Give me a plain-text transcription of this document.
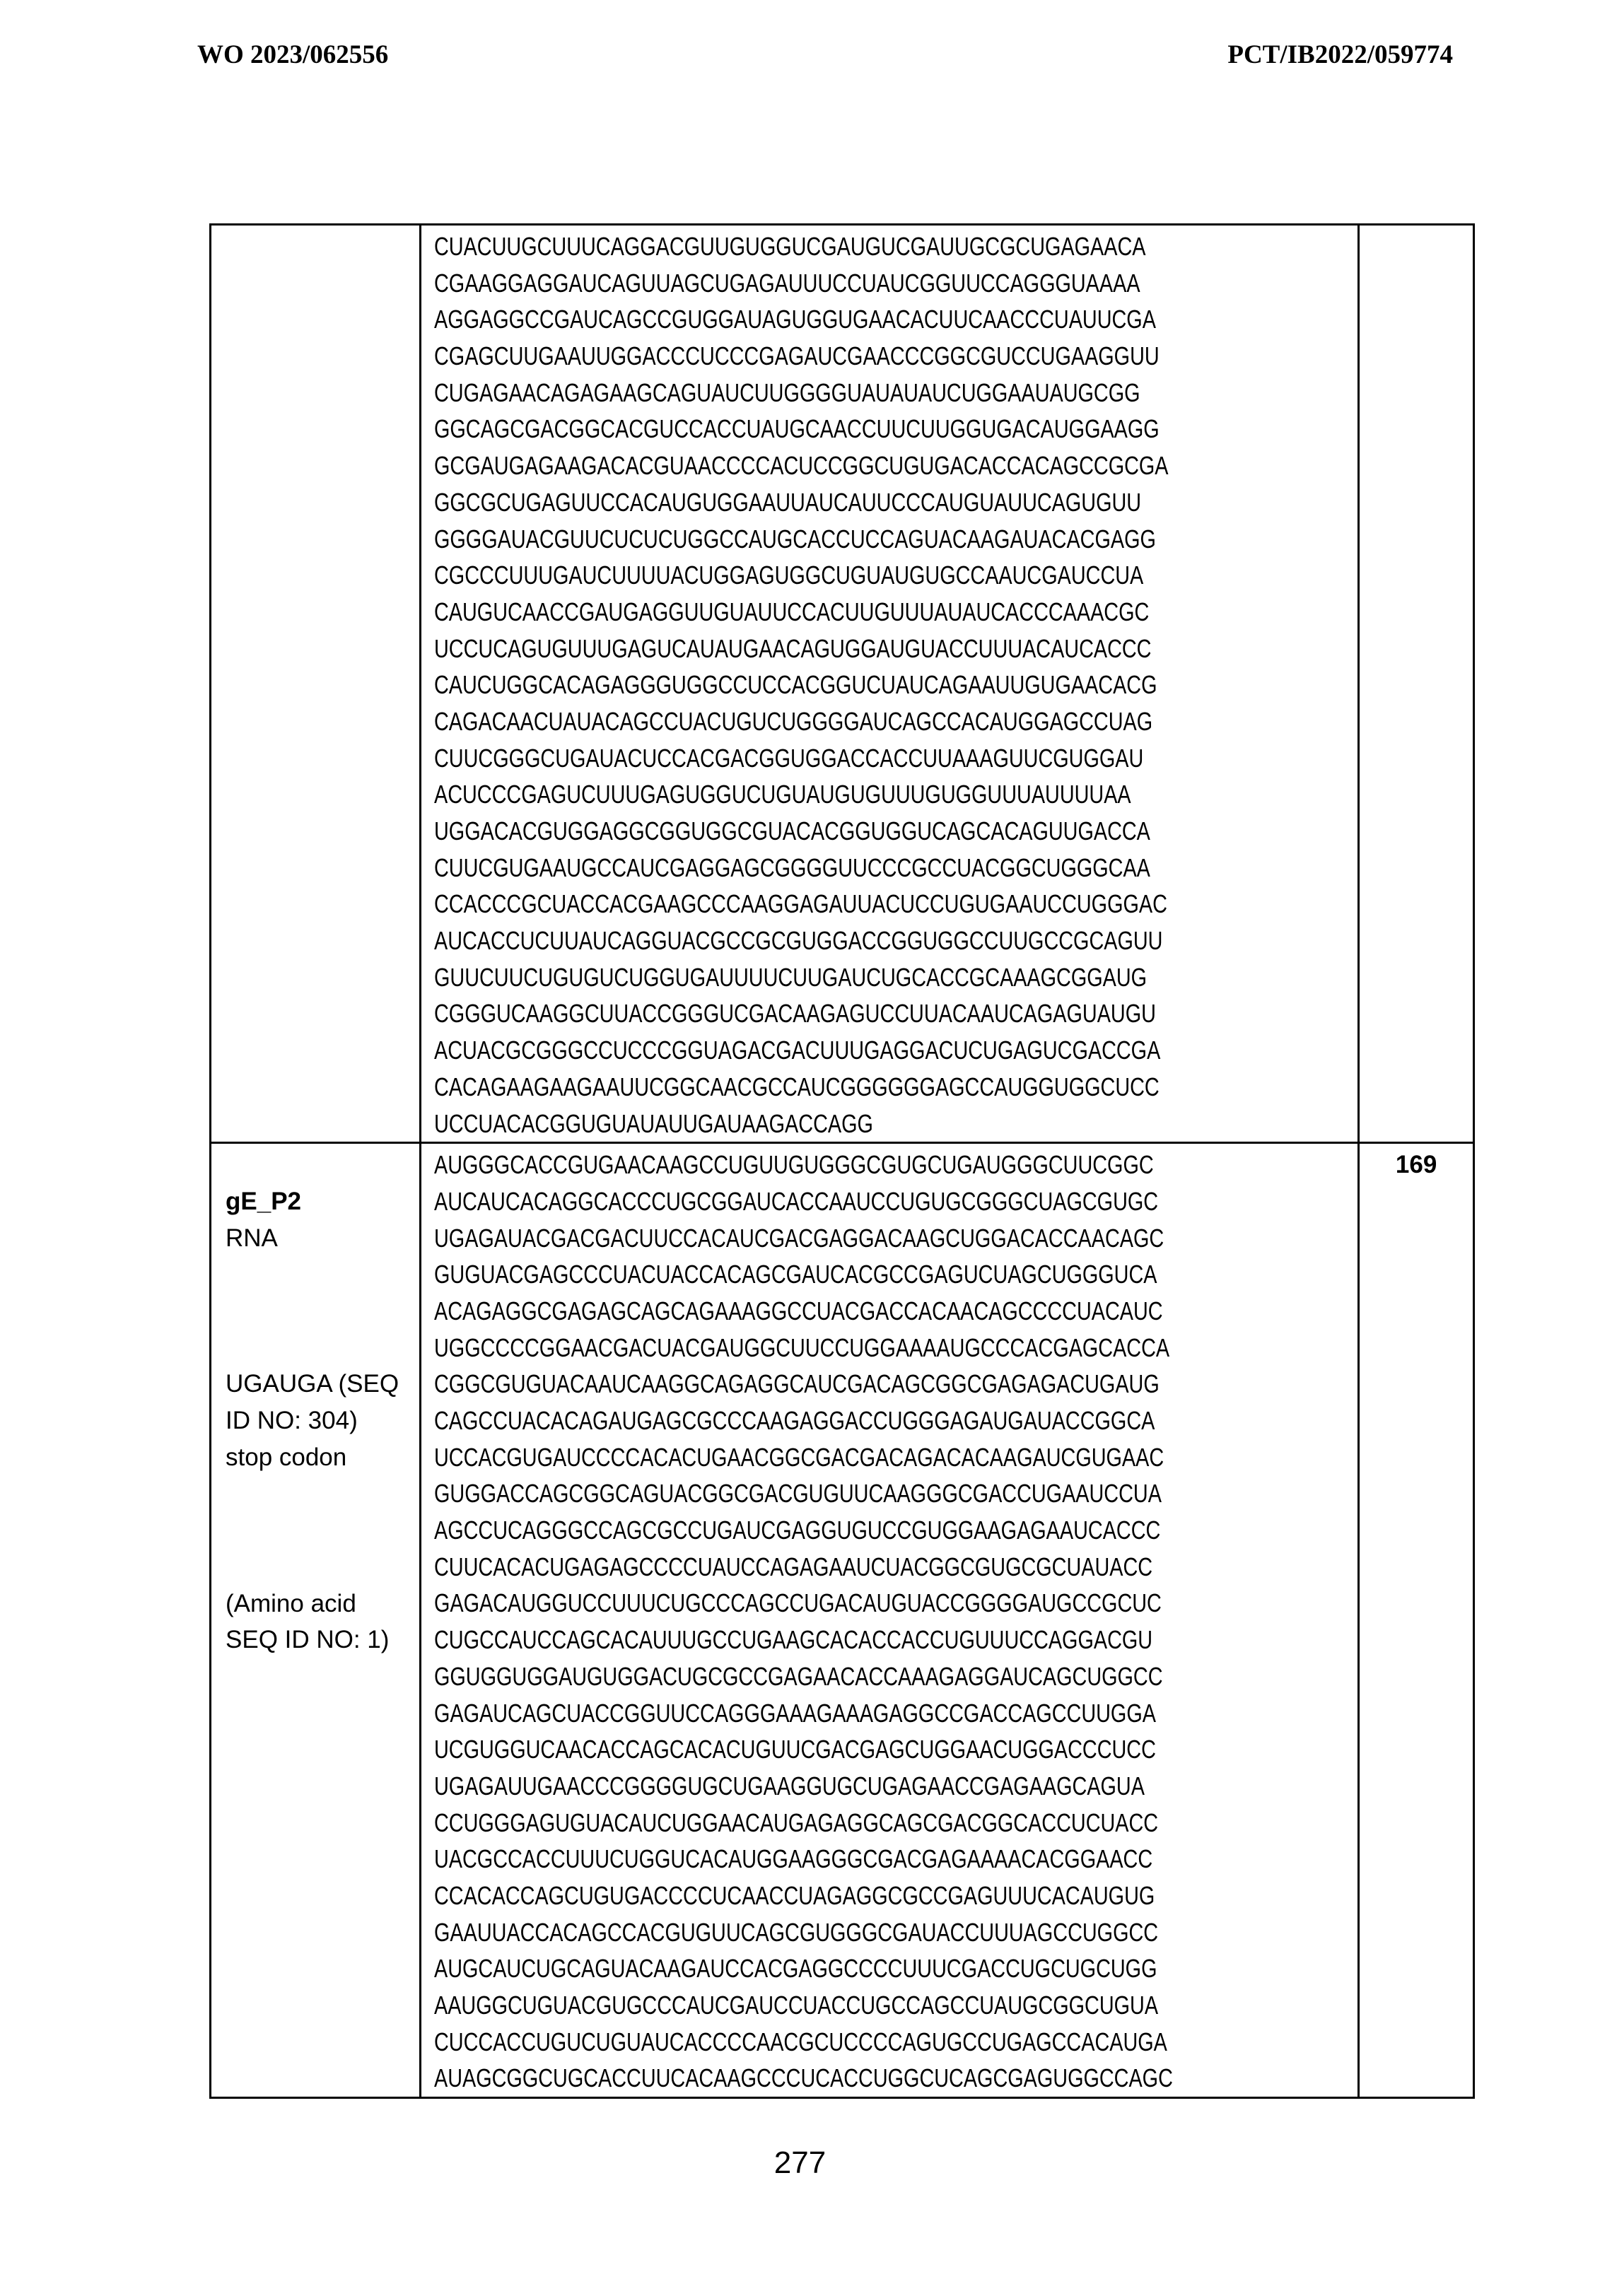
WO 2023/062556	PCT/IB2022/059774

CUACUUGCUUUCAGGACGUUGUGGUCGAUGUCGAUUGCGCUGAGAACA
CGAAGGAGGAUCAGUUAGCUGAGAUUUCCUAUCGGUUCCAGGGUAAAA
AGGAGGCCGAUCAGCCGUGGAUAGUGGUGAACACUUCAACCCUAUUCGA
CGAGCUUGAAUUGGACCCUCCCGAGAUCGAACCCGGCGUCCUGAAGGUU
CUGAGAACAGAGAAGCAGUAUCUUGGGGUAUAUAUCUGGAAUAUGCGG
GGCAGCGACGGCACGUCCACCUAUGCAACCUUCUUGGUGACAUGGAAGG
GCGAUGAGAAGACACGUAACCCCACUCCGGCUGUGACACCACAGCCGCGA
GGCGCUGAGUUCCACAUGUGGAAUUAUCAUUCCCAUGUAUUCAGUGUU
GGGGAUACGUUCUCUCUGGCCAUGCACCUCCAGUACAAGAUACACGAGG
CGCCCUUUGAUCUUUUACUGGAGUGGCUGUAUGUGCCAAUCGAUCCUA
CAUGUCAACCGAUGAGGUUGUAUUCCACUUGUUUAUAUCACCCAAACGC
UCCUCAGUGUUUGAGUCAUAUGAACAGUGGAUGUACCUUUACAUCACCC
CAUCUGGCACAGAGGGUGGCCUCCACGGUCUAUCAGAAUUGUGAACACG
CAGACAACUAUACAGCCUACUGUCUGGGGAUCAGCCACAUGGAGCCUAG
CUUCGGGCUGAUACUCCACGACGGUGGACCACCUUAAAGUUCGUGGAU
ACUCCCGAGUCUUUGAGUGGUCUGUAUGUGUUUGUGGUUUAUUUUAA
UGGACACGUGGAGGCGGUGGCGUACACGGUGGUCAGCACAGUUGACCA
CUUCGUGAAUGCCAUCGAGGAGCGGGGUUCCCGCCUACGGCUGGGCAA
CCACCCGCUACCACGAAGCCCAAGGAGAUUACUCCUGUGAAUCCUGGGAC
AUCACCUCUUAUCAGGUACGCCGCGUGGACCGGUGGCCUUGCCGCAGUU
GUUCUUCUGUGUCUGGUGAUUUUCUUGAUCUGCACCGCAAAGCGGAUG
CGGGUCAAGGCUUACCGGGUCGACAAGAGUCCUUACAAUCAGAGUAUGU
ACUACGCGGGCCUCCCGGUAGACGACUUUGAGGACUCUGAGUCGACCGA
CACAGAAGAAGAAUUCGGCAACGCCAUCGGGGGGAGCCAUGGUGGCUCC
UCCUACACGGUGUAUAUUGAUAAGACCAGG

gE_P2

RNA

UGAUGA (SEQ
ID NO: 304)
stop codon

(Amino acid
SEQ ID NO: 1)

AUGGGCACCGUGAACAAGCCUGUUGUGGGCGUGCUGAUGGGCUUCGGC
AUCAUCACAGGCACCCUGCGGAUCACCAAUCCUGUGCGGGCUAGCGUGC
UGAGAUACGACGACUUCCACAUCGACGAGGACAAGCUGGACACCAACAGC
GUGUACGAGCCCUACUACCACAGCGAUCACGCCGAGUCUAGCUGGGUCA
ACAGAGGCGAGAGCAGCAGAAAGGCCUACGACCACAACAGCCCCUACAUC
UGGCCCCGGAACGACUACGAUGGCUUCCUGGAAAAUGCCCACGAGCACCA
CGGCGUGUACAAUCAAGGCAGAGGCAUCGACAGCGGCGAGAGACUGAUG
CAGCCUACACAGAUGAGCGCCCAAGAGGACCUGGGAGAUGAUACCGGCA
UCCACGUGAUCCCCACACUGAACGGCGACGACAGACACAAGAUCGUGAAC
GUGGACCAGCGGCAGUACGGCGACGUGUUCAAGGGCGACCUGAAUCCUA
AGCCUCAGGGCCAGCGCCUGAUCGAGGUGUCCGUGGAAGAGAAUCACCC
CUUCACACUGAGAGCCCCUAUCCAGAGAAUCUACGGCGUGCGCUAUACC
GAGACAUGGUCCUUUCUGCCCAGCCUGACAUGUACCGGGGAUGCCGCUC
CUGCCAUCCAGCACAUUUGCCUGAAGCACACCACCUGUUUCCAGGACGU
GGUGGUGGAUGUGGACUGCGCCGAGAACACCAAAGAGGAUCAGCUGGCC
GAGAUCAGCUACCGGUUCCAGGGAAAGAAAGAGGCCGACCAGCCUUGGA
UCGUGGUCAACACCAGCACACUGUUCGACGAGCUGGAACUGGACCCUCC
UGAGAUUGAACCCGGGGUGCUGAAGGUGCUGAGAACCGAGAAGCAGUA
CCUGGGAGUGUACAUCUGGAACAUGAGAGGCAGCGACGGCACCUCUACC
UACGCCACCUUUCUGGUCACAUGGAAGGGCGACGAGAAAACACGGAACC
CCACACCAGCUGUGACCCCUCAACCUAGAGGCGCCGAGUUUCACAUGUG
GAAUUACCACAGCCACGUGUUCAGCGUGGGCGAUACCUUUAGCCUGGCC
AUGCAUCUGCAGUACAAGAUCCACGAGGCCCCUUUCGACCUGCUGCUGG
AAUGGCUGUACGUGCCCAUCGAUCCUACCUGCCAGCCUAUGCGGCUGUA
CUCCACCUGUCUGUAUCACCCCAACGCUCCCCAGUGCCUGAGCCACAUGA
AUAGCGGCUGCACCUUCACAAGCCCUCACCUGGCUCAGCGAGUGGCCAGC

169
277
